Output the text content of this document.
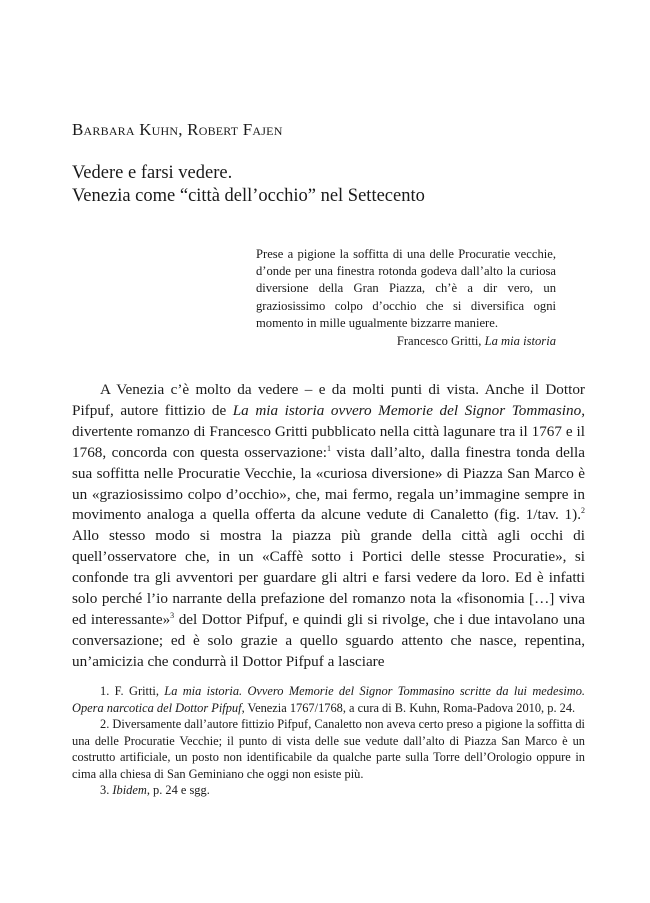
Barbara Kuhn, Robert Fajen
Vedere e farsi vedere.
Venezia come “città dell’occhio” nel Settecento
Prese a pigione la soffitta di una delle Procuratie vecchie, d’onde per una finestra rotonda godeva dall’alto la curiosa diversione della Gran Piazza, ch’è a dir vero, un graziosissimo colpo d’occhio che si diversifica ogni momento in mille ugualmente bizzarre maniere.
Francesco Gritti, La mia istoria
A Venezia c’è molto da vedere – e da molti punti di vista. Anche il Dottor Pifpuf, autore fittizio de La mia istoria ovvero Memorie del Signor Tommasino, divertente romanzo di Francesco Gritti pubblicato nella città lagunare tra il 1767 e il 1768, concorda con questa osservazione:$^1$ vista dall’alto, dalla finestra tonda della sua soffitta nelle Procuratie Vecchie, la «curiosa diversione» di Piazza San Marco è un «graziosissimo colpo d’occhio», che, mai fermo, regala un’immagine sempre in movimento analoga a quella offerta da alcune vedute di Canaletto (fig. 1/tav. 1).$^2$ Allo stesso modo si mostra la piazza più grande della città agli occhi di quell’osservatore che, in un «Caffè sotto i Portici delle stesse Procuratie», si confonde tra gli avventori per guardare gli altri e farsi vedere da loro. Ed è infatti solo perché l’io narrante della prefazione del romanzo nota la «fisonomia […] viva ed interessante»$^3$ del Dottor Pifpuf, e quindi gli si rivolge, che i due intavolano una conversazione; ed è solo grazie a quello sguardo attento che nasce, repentina, un’amicizia che condurrà il Dottor Pifpuf a lasciare

1. F. Gritti, La mia istoria. Ovvero Memorie del Signor Tommasino scritte da lui medesimo. Opera narcotica del Dottor Pifpuf, Venezia 1767/1768, a cura di B. Kuhn, Roma-Padova 2010, p. 24.

2. Diversamente dall’autore fittizio Pifpuf, Canaletto non aveva certo preso a pigione la soffitta di una delle Procuratie Vecchie; il punto di vista delle sue vedute dall’alto di Piazza San Marco è un costrutto artificiale, un posto non identificabile da qualche parte sulla Torre dell’Orologio oppure in cima alla chiesa di San Geminiano che oggi non esiste più.

3. Ibidem, p. 24 e sgg.
